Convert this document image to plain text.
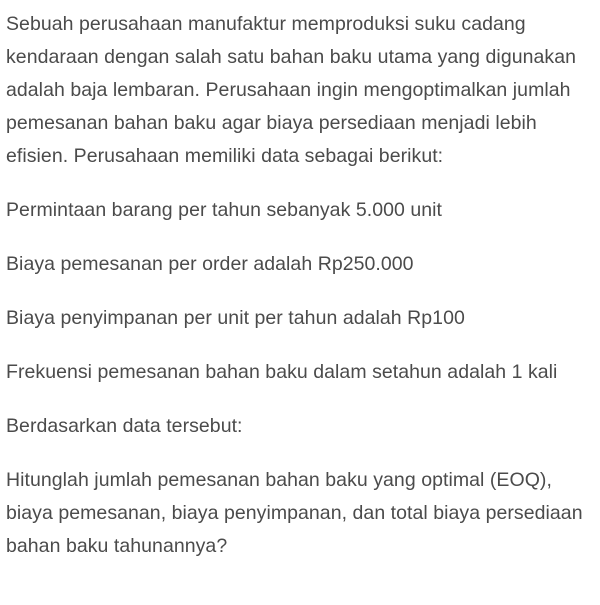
Sebuah perusahaan manufaktur memproduksi suku cadang kendaraan dengan salah satu bahan baku utama yang digunakan adalah baja lembaran. Perusahaan ingin mengoptimalkan jumlah pemesanan bahan baku agar biaya persediaan menjadi lebih efisien. Perusahaan memiliki data sebagai berikut:

Permintaan barang per tahun sebanyak 5.000 unit

Biaya pemesanan per order adalah Rp250.000

Biaya penyimpanan per unit per tahun adalah Rp100

Frekuensi pemesanan bahan baku dalam setahun adalah 1 kali

Berdasarkan data tersebut:

Hitunglah jumlah pemesanan bahan baku yang optimal (EOQ), biaya pemesanan, biaya penyimpanan, dan total biaya persediaan bahan baku tahunannya?
